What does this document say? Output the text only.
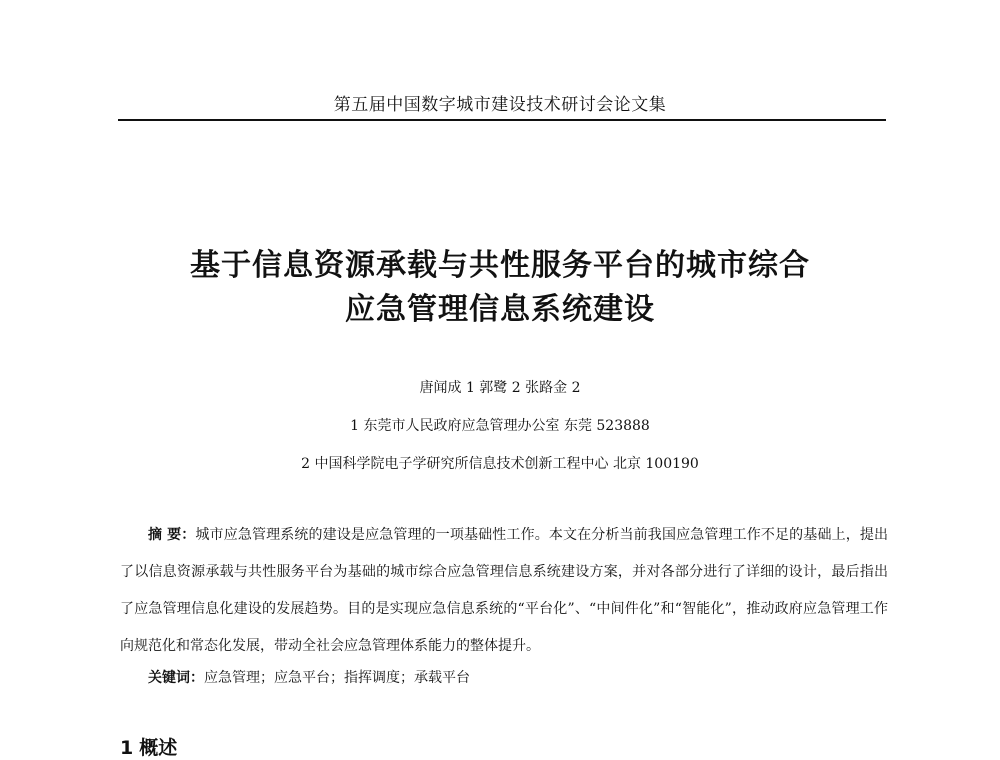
第五届中国数字城市建设技术研讨会论文集
基于信息资源承载与共性服务平台的城市综合
应急管理信息系统建设
唐闻成 1 郭鹭 2 张路金 2
1 东莞市人民政府应急管理办公室 东莞 523888
2 中国科学院电子学研究所信息技术创新工程中心 北京 100190
摘 要：城市应急管理系统的建设是应急管理的一项基础性工作。本文在分析当前我国应急管理工作不足的基础上，提出了以信息资源承载与共性服务平台为基础的城市综合应急管理信息系统建设方案，并对各部分进行了详细的设计，最后指出了应急管理信息化建设的发展趋势。目的是实现应急信息系统的“平台化”、“中间件化”和“智能化”，推动政府应急管理工作向规范化和常态化发展，带动全社会应急管理体系能力的整体提升。
关键词：应急管理；应急平台；指挥调度；承载平台
1 概述
